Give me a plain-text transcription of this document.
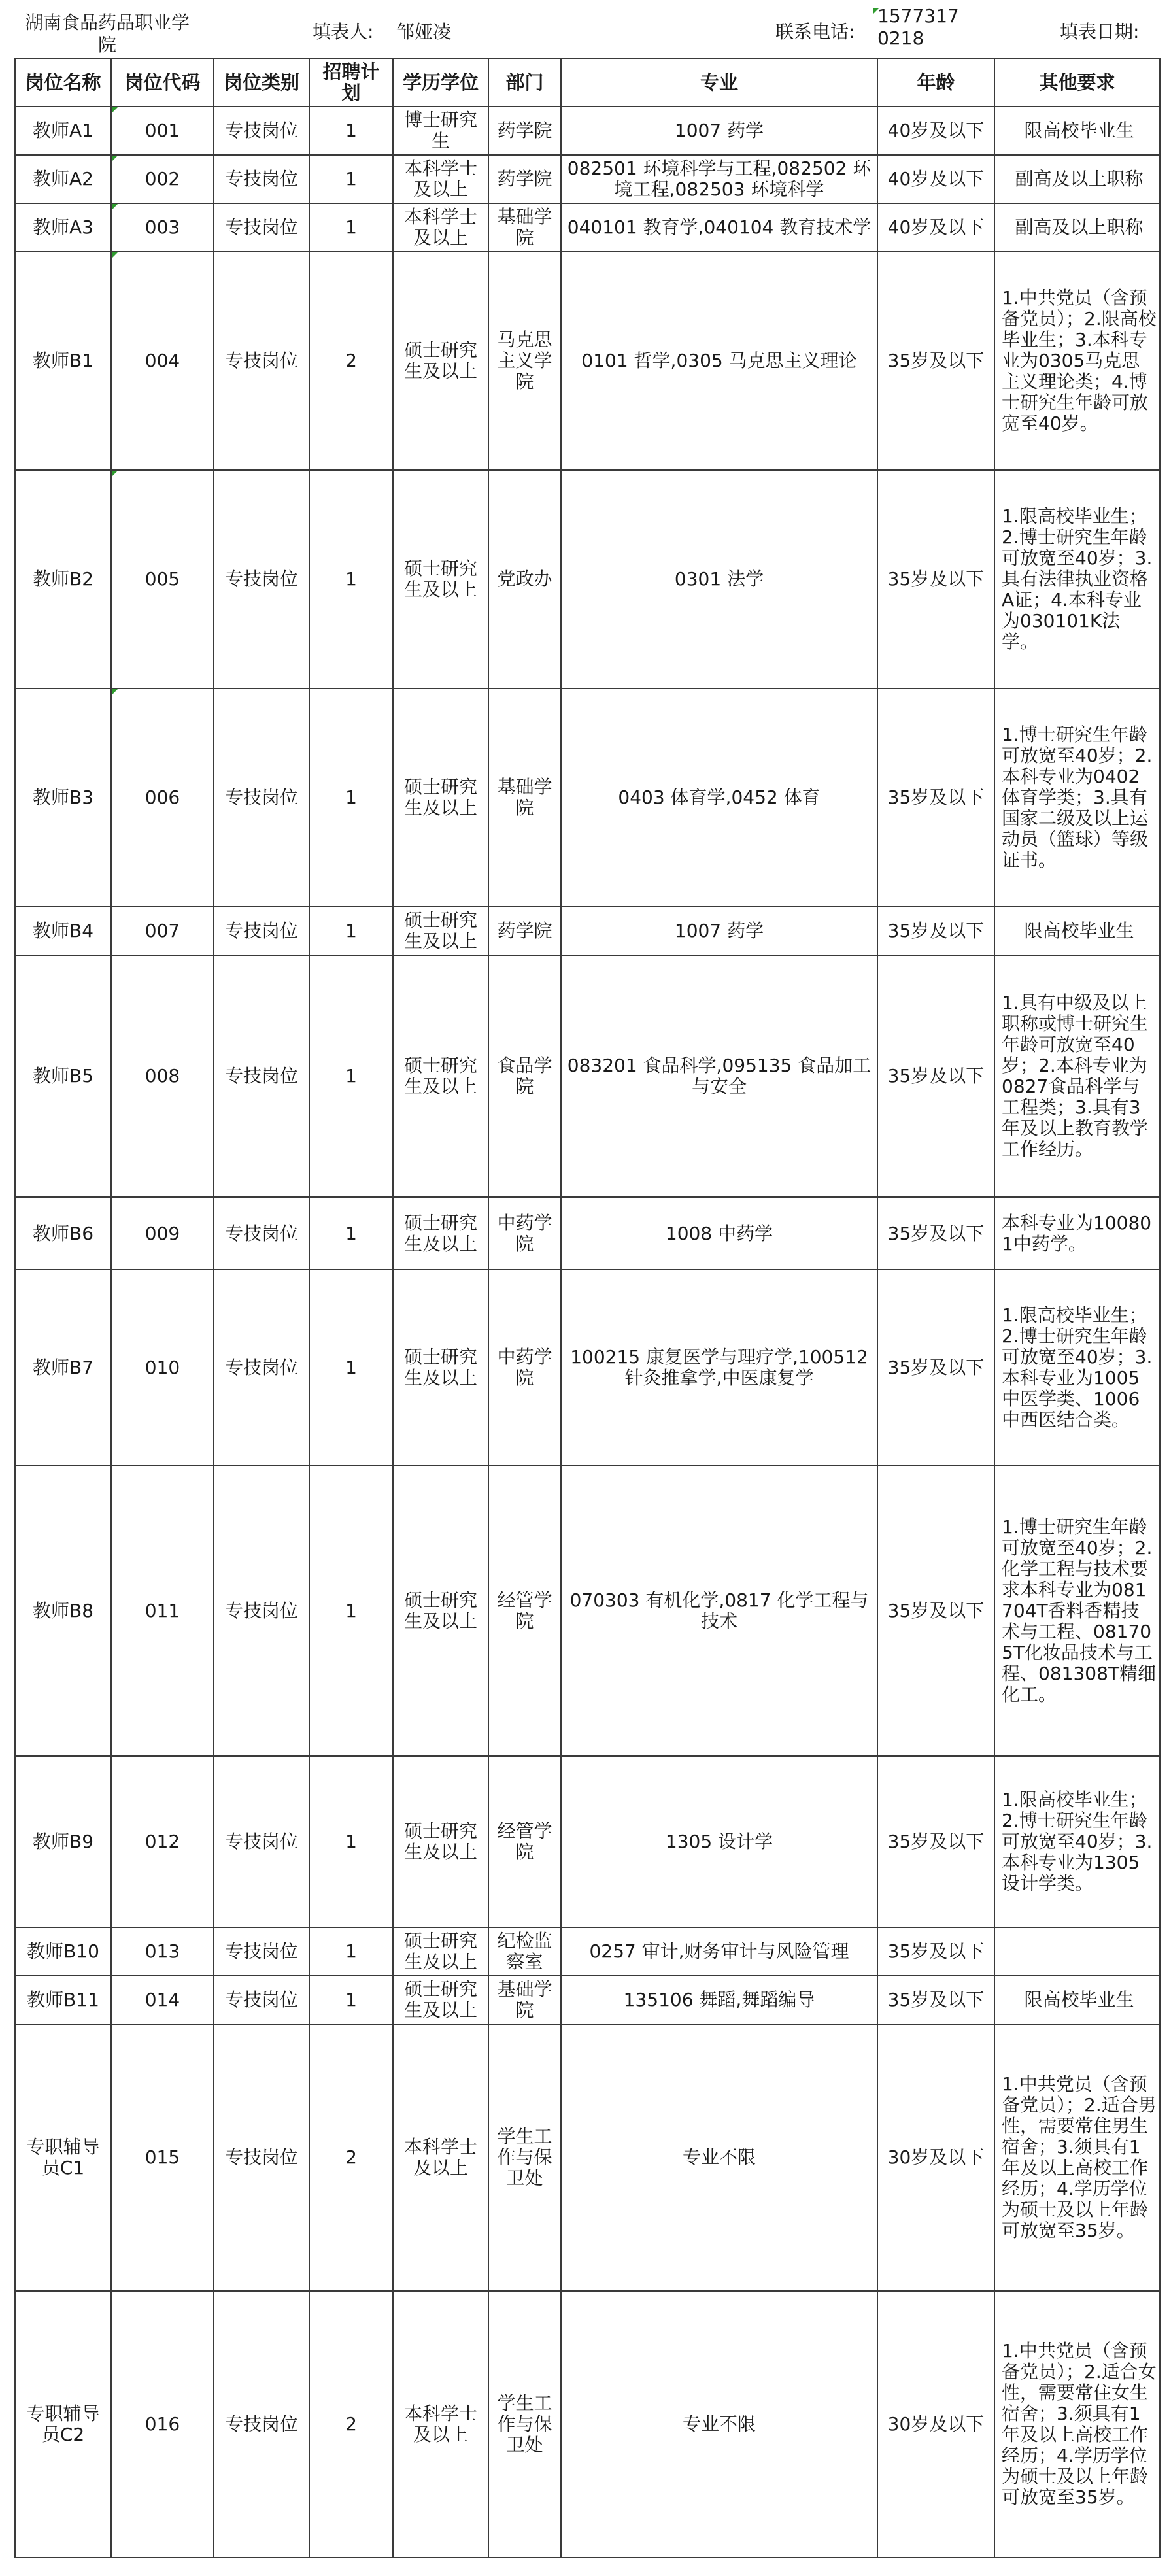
湖南食品药品职业学院
填表人: 邹娅凌	联系电话:
15773170218	填表日期:
岗位名称	岗位代码	岗位类别	招聘计划	学历学位	部门	专业	年龄	其他要求
教师A1	001	专技岗位	1	博士研究生	药学院	1007 药学	40岁及以下	限高校毕业生
教师A2	002	专技岗位	1	本科学士及以上	药学院	082501 环境科学与工程,082502 环境工程,082503 环境科学	40岁及以下	副高及以上职称
教师A3	003	专技岗位	1	本科学士及以上	基础学院	040101 教育学,040104 教育技术学	40岁及以下	副高及以上职称
教师B1	004	专技岗位	2	硕士研究生及以上	马克思主义学院	0101 哲学,0305 马克思主义理论	35岁及以下	1.中共党员（含预备党员）；2.限高校毕业生；3.本科专业为0305马克思主义理论类；4.博士研究生年龄可放宽至40岁。
教师B2	005	专技岗位	1	硕士研究生及以上	党政办	0301 法学	35岁及以下	1.限高校毕业生；2.博士研究生年龄可放宽至40岁；3.具有法律执业资格A证；4.本科专业为030101K法学。
教师B3	006	专技岗位	1	硕士研究生及以上	基础学院	0403 体育学,0452 体育	35岁及以下	1.博士研究生年龄可放宽至40岁；2.本科专业为0402体育学类；3.具有国家二级及以上运动员（篮球）等级证书。
教师B4	007	专技岗位	1	硕士研究生及以上	药学院	1007 药学	35岁及以下	限高校毕业生
教师B5	008	专技岗位	1	硕士研究生及以上	食品学院	083201 食品科学,095135 食品加工与安全	35岁及以下	1.具有中级及以上职称或博士研究生年龄可放宽至40岁；2.本科专业为0827食品科学与工程类；3.具有3年及以上教育教学工作经历。
教师B6	009	专技岗位	1	硕士研究生及以上	中药学院	1008 中药学	35岁及以下	本科专业为100801中药学。
教师B7	010	专技岗位	1	硕士研究生及以上	中药学院	100215 康复医学与理疗学,100512 针灸推拿学,中医康复学	35岁及以下	1.限高校毕业生；2.博士研究生年龄可放宽至40岁；3.本科专业为1005中医学类、1006中西医结合类。
教师B8	011	专技岗位	1	硕士研究生及以上	经管学院	070303 有机化学,0817 化学工程与技术	35岁及以下	1.博士研究生年龄可放宽至40岁；2.化学工程与技术要求本科专业为081704T香料香精技术与工程、081705T化妆品技术与工程、081308T精细化工。
教师B9	012	专技岗位	1	硕士研究生及以上	经管学院	1305 设计学	35岁及以下	1.限高校毕业生；2.博士研究生年龄可放宽至40岁；3.本科专业为1305设计学类。
教师B10	013	专技岗位	1	硕士研究生及以上	纪检监察室	0257 审计,财务审计与风险管理	35岁及以下	
教师B11	014	专技岗位	1	硕士研究生及以上	基础学院	135106 舞蹈,舞蹈编导	35岁及以下	限高校毕业生
专职辅导员C1	015	专技岗位	2	本科学士及以上	学生工作与保卫处	专业不限	30岁及以下	1.中共党员（含预备党员）；2.适合男性，需要常住男生宿舍；3.须具有1年及以上高校工作经历；4.学历学位为硕士及以上年龄可放宽至35岁。
专职辅导员C2	016	专技岗位	2	本科学士及以上	学生工作与保卫处	专业不限	30岁及以下	1.中共党员（含预备党员）；2.适合女性，需要常住女生宿舍；3.须具有1年及以上高校工作经历；4.学历学位为硕士及以上年龄可放宽至35岁。
